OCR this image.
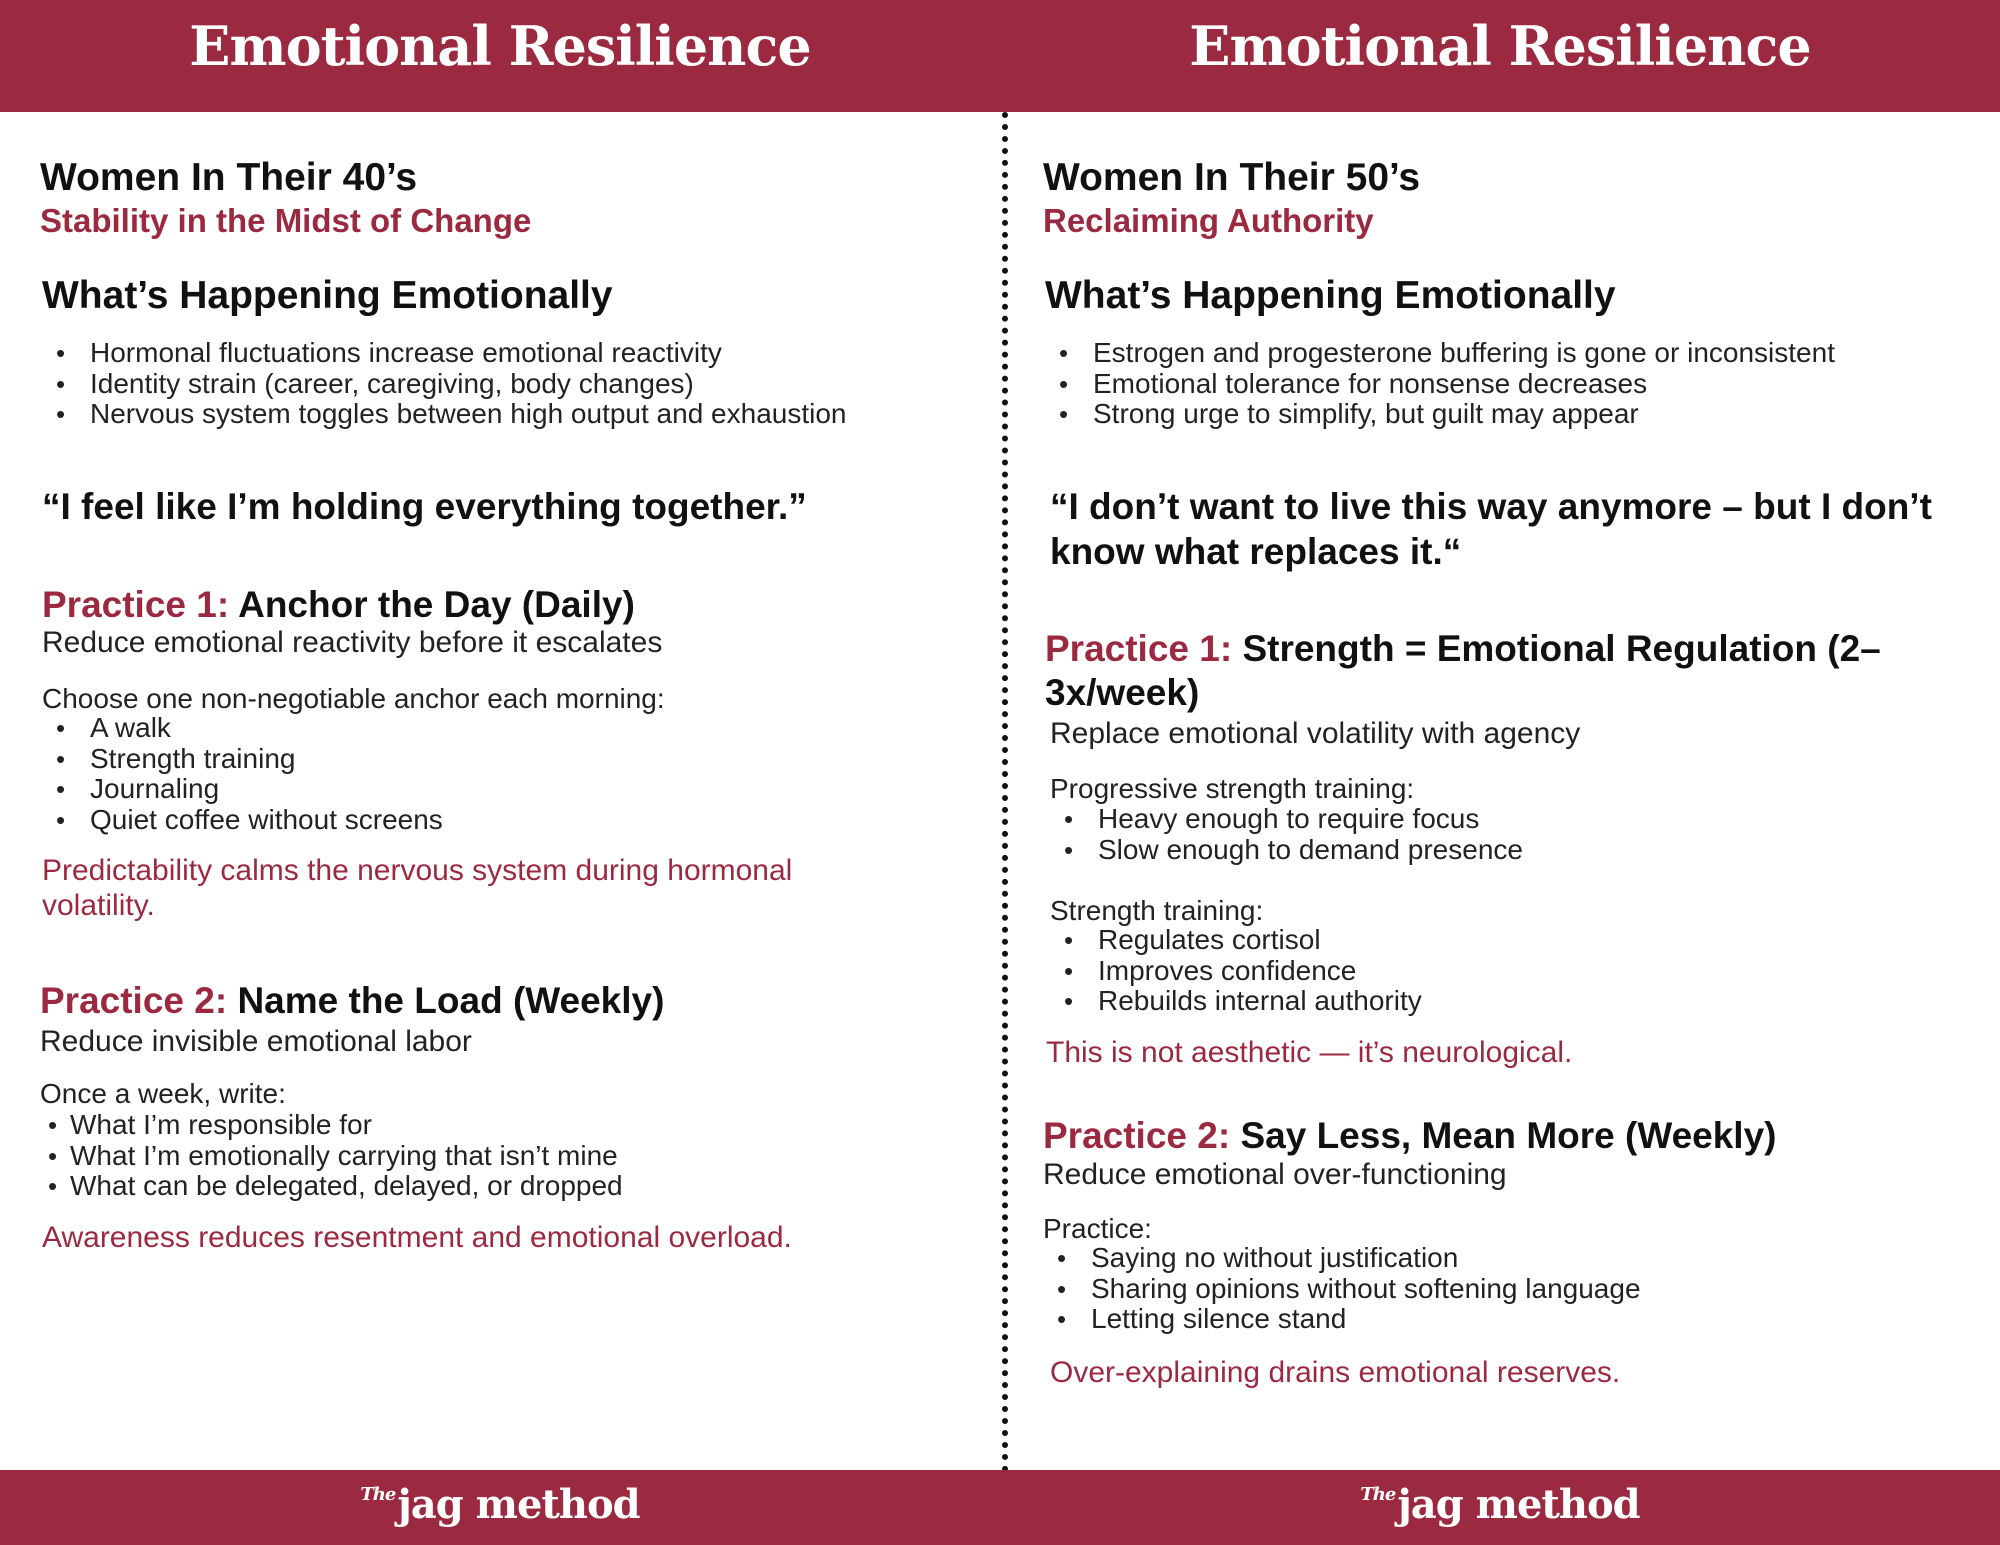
Emotional Resilience	Emotional Resilience
Women In Their 40’s
Stability in the Midst of Change
What’s Happening Emotionally
• Hormonal fluctuations increase emotional reactivity
• Identity strain (career, caregiving, body changes)
• Nervous system toggles between high output and exhaustion
“I feel like I’m holding everything together.”
Practice 1: Anchor the Day (Daily)
Reduce emotional reactivity before it escalates
Choose one non-negotiable anchor each morning:
• A walk
• Strength training
• Journaling
• Quiet coffee without screens
Predictability calms the nervous system during hormonal volatility.
Practice 2: Name the Load (Weekly)
Reduce invisible emotional labor
Once a week, write:
• What I’m responsible for
• What I’m emotionally carrying that isn’t mine
• What can be delegated, delayed, or dropped
Awareness reduces resentment and emotional overload.
Women In Their 50’s
Reclaiming Authority
What’s Happening Emotionally
• Estrogen and progesterone buffering is gone or inconsistent
• Emotional tolerance for nonsense decreases
• Strong urge to simplify, but guilt may appear
“I don’t want to live this way anymore – but I don’t know what replaces it.“
Practice 1: Strength = Emotional Regulation (2–3x/week)
Replace emotional volatility with agency
Progressive strength training:
• Heavy enough to require focus
• Slow enough to demand presence
Strength training:
• Regulates cortisol
• Improves confidence
• Rebuilds internal authority
This is not aesthetic — it’s neurological.
Practice 2: Say Less, Mean More (Weekly)
Reduce emotional over-functioning
Practice:
• Saying no without justification
• Sharing opinions without softening language
• Letting silence stand
Over-explaining drains emotional reserves.
$^{The}$jag method	$^{The}$jag method
